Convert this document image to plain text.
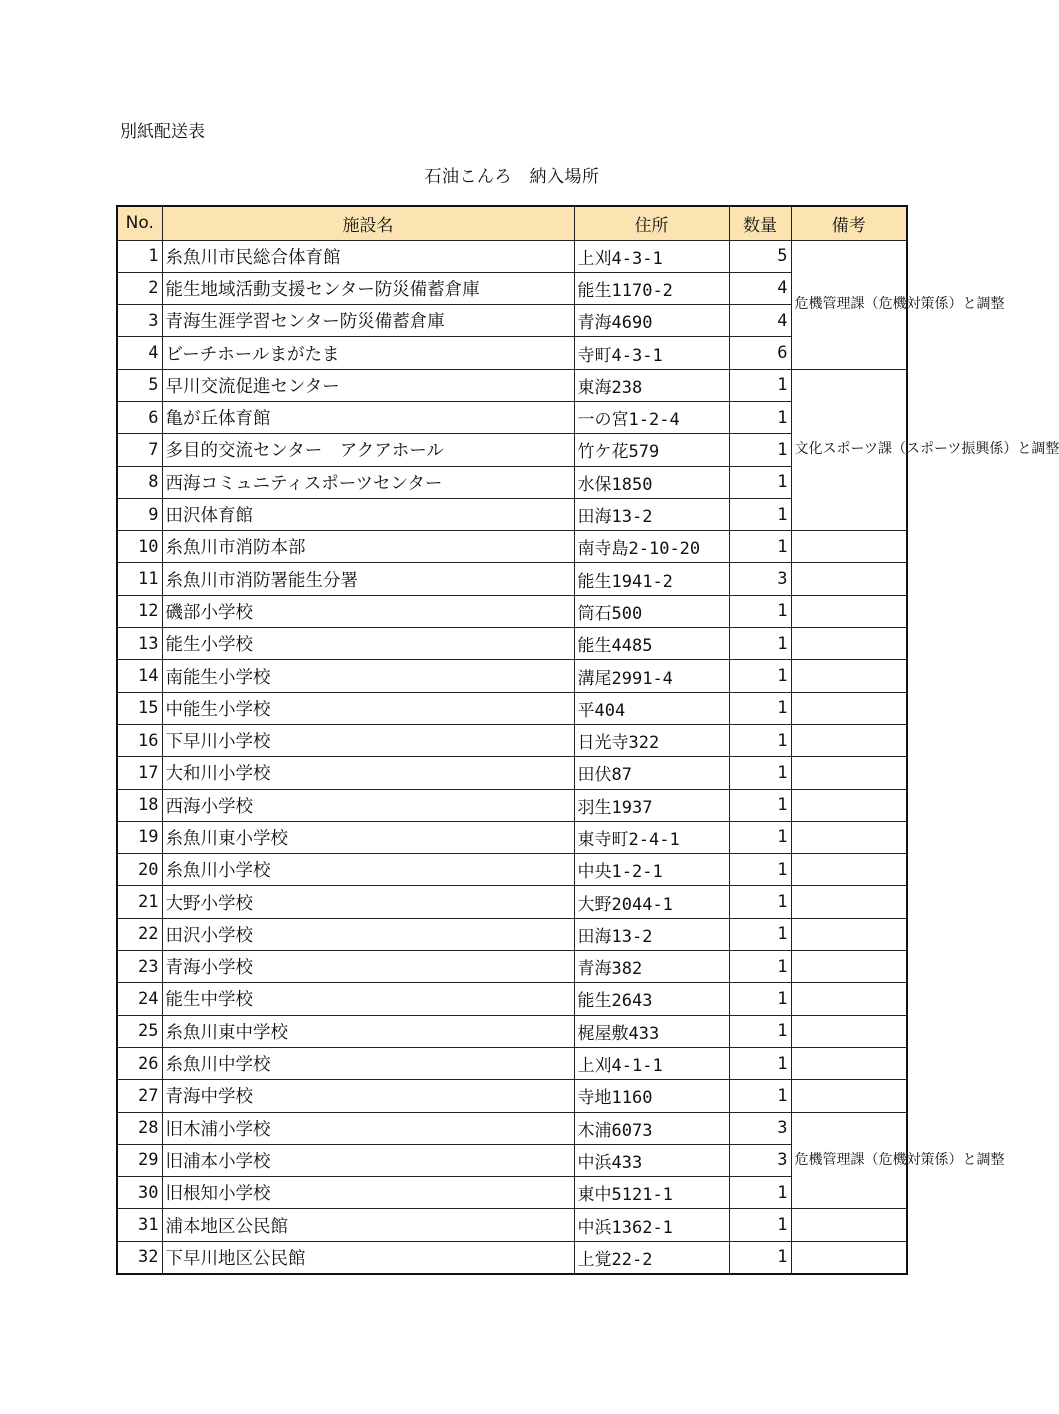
別紙配送表
石油こんろ　納入場所
No.	施設名	住所	数量	備考
1	糸魚川市民総合体育館	上刈4-3-1	5	危機管理課（危機対策係）と調整

2	能生地域活動支援センター防災備蓄倉庫	能生1170-2	4	
3	青海生涯学習センター防災備蓄倉庫	青海4690	4	
4	ビーチホールまがたま	寺町4-3-1	6	
5	早川交流促進センター	東海238	1	文化スポーツ課（スポーツ振興係）と調整

6	亀が丘体育館	一の宮1-2-4	1	
7	多目的交流センター　アクアホール	竹ケ花579	1	
8	西海コミュニティスポーツセンター	水保1850	1	
9	田沢体育館	田海13-2	1	
10	糸魚川市消防本部	南寺島2-10-20	1	
11	糸魚川市消防署能生分署	能生1941-2	3	
12	磯部小学校	筒石500	1	
13	能生小学校	能生4485	1	
14	南能生小学校	溝尾2991-4	1	
15	中能生小学校	平404	1	
16	下早川小学校	日光寺322	1	
17	大和川小学校	田伏87	1	
18	西海小学校	羽生1937	1	
19	糸魚川東小学校	東寺町2-4-1	1	
20	糸魚川小学校	中央1-2-1	1	
21	大野小学校	大野2044-1	1	
22	田沢小学校	田海13-2	1	
23	青海小学校	青海382	1	
24	能生中学校	能生2643	1	
25	糸魚川東中学校	梶屋敷433	1	
26	糸魚川中学校	上刈4-1-1	1	
27	青海中学校	寺地1160	1	
28	旧木浦小学校	木浦6073	3	危機管理課（危機対策係）と調整

29	旧浦本小学校	中浜433	3	
30	旧根知小学校	東中5121-1	1	
31	浦本地区公民館	中浜1362-1	1	
32	下早川地区公民館	上覚22-2	1	
